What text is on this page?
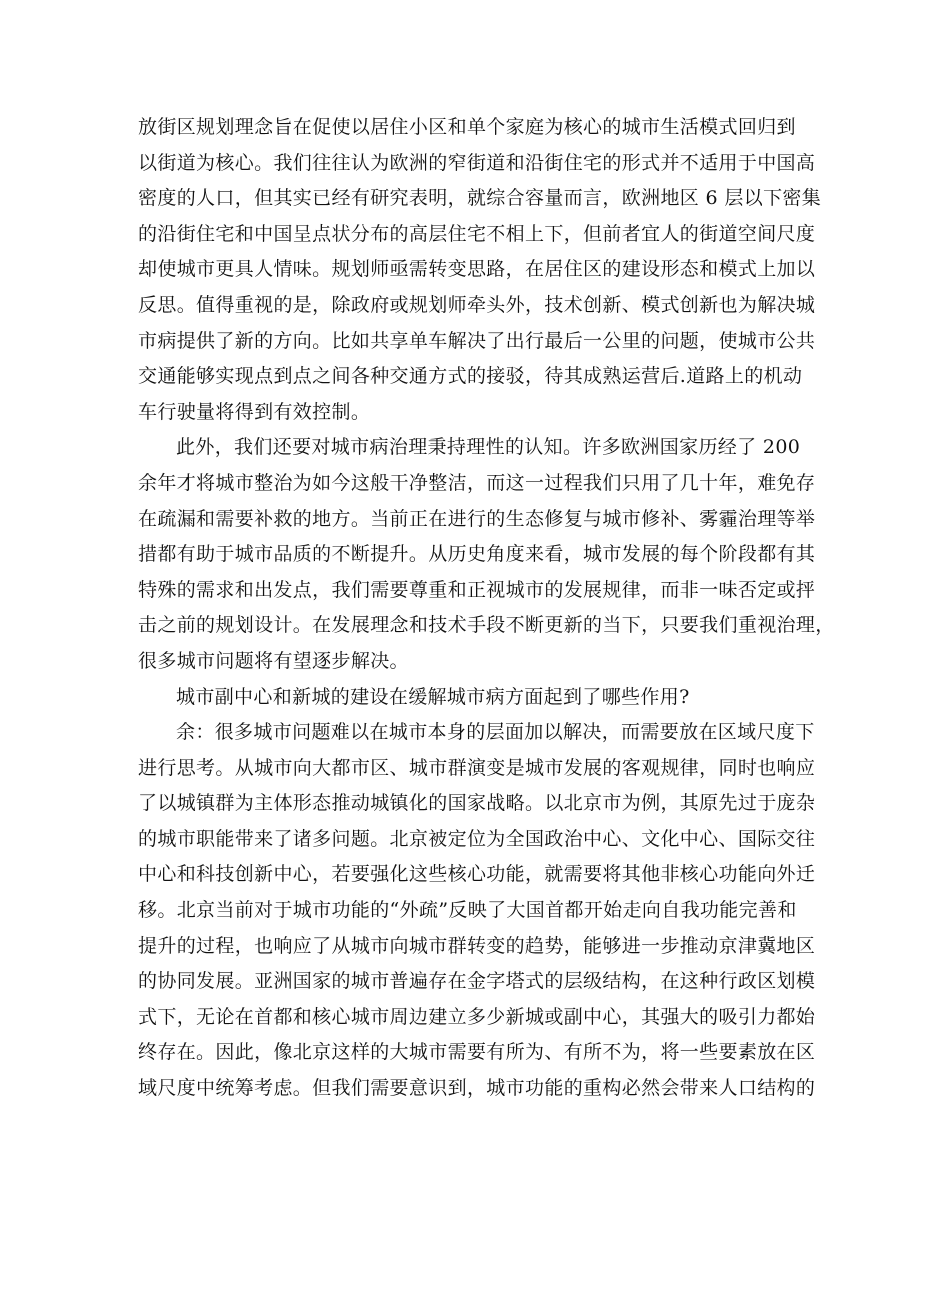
放街区规划理念旨在促使以居住小区和单个家庭为核心的城市生活模式回归到
以街道为核心。我们往往认为欧洲的窄街道和沿街住宅的形式并不适用于中国高
密度的人口，但其实已经有研究表明，就综合容量而言，欧洲地区 6 层以下密集
的沿街住宅和中国呈点状分布的高层住宅不相上下，但前者宜人的街道空间尺度
却使城市更具人情味。规划师亟需转变思路，在居住区的建设形态和模式上加以
反思。值得重视的是，除政府或规划师牵头外，技术创新、模式创新也为解决城
市病提供了新的方向。比如共享单车解决了出行最后一公里的问题，使城市公共
交通能够实现点到点之间各种交通方式的接驳，待其成熟运营后.道路上的机动
车行驶量将得到有效控制。
此外，我们还要对城市病治理秉持理性的认知。许多欧洲国家历经了 200
余年才将城市整治为如今这般干净整洁，而这一过程我们只用了几十年，难免存
在疏漏和需要补救的地方。当前正在进行的生态修复与城市修补、雾霾治理等举
措都有助于城市品质的不断提升。从历史角度来看，城市发展的每个阶段都有其
特殊的需求和出发点，我们需要尊重和正视城市的发展规律，而非一味否定或抨
击之前的规划设计。在发展理念和技术手段不断更新的当下，只要我们重视治理，
很多城市问题将有望逐步解决。
城市副中心和新城的建设在缓解城市病方面起到了哪些作用?
余：很多城市问题难以在城市本身的层面加以解决，而需要放在区域尺度下
进行思考。从城市向大都市区、城市群演变是城市发展的客观规律，同时也响应
了以城镇群为主体形态推动城镇化的国家战略。以北京市为例，其原先过于庞杂
的城市职能带来了诸多问题。北京被定位为全国政治中心、文化中心、国际交往
中心和科技创新中心，若要强化这些核心功能，就需要将其他非核心功能向外迁
移。北京当前对于城市功能的“外疏”反映了大国首都开始走向自我功能完善和
提升的过程，也响应了从城市向城市群转变的趋势，能够进一步推动京津冀地区
的协同发展。亚洲国家的城市普遍存在金字塔式的层级结构，在这种行政区划模
式下，无论在首都和核心城市周边建立多少新城或副中心，其强大的吸引力都始
终存在。因此，像北京这样的大城市需要有所为、有所不为，将一些要素放在区
域尺度中统筹考虑。但我们需要意识到，城市功能的重构必然会带来人口结构的
